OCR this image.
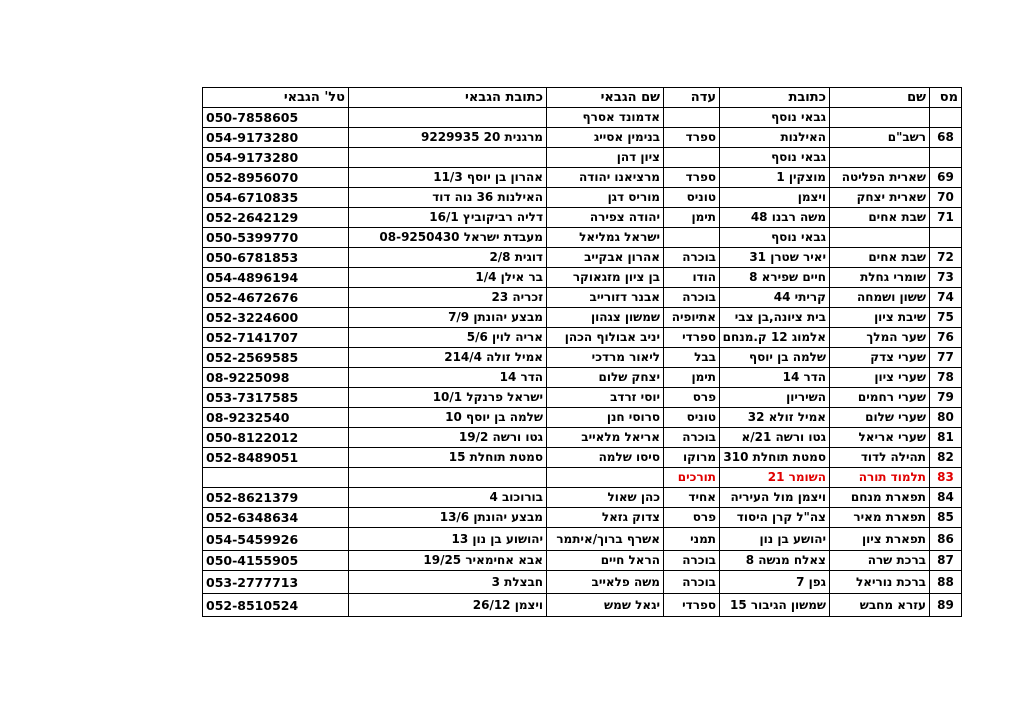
מס	שם	כתובת	עדה	שם הגבאי	כתובת הגבאי	טל' הגבאי
		גבאי נוסף		אדמונד אסרף		050-7858605
68	רשב"ם	האילנות	ספרד	בנימין אסייג	מרגנית 20 9229935	054-9173280
		גבאי נוסף		ציון דהן		054-9173280
69	שארית הפליטה	מוצקין 1	ספרד	מרציאנו יהודה	אהרון בן יוסף 11/3	052-8956070
70	שארית יצחק	ויצמן	טוניס	מוריס דגן	האילנות 36 נוה דוד	054-6710835
71	שבת אחים	משה רבנו 48	תימן	יהודה צפירה	דליה רביקוביץ 16/1	052-2642129
		גבאי נוסף		ישראל גמליאל	מעבדת ישראל 08-9250430	050-5399770
72	שבת אחים	יאיר שטרן 31	בוכרה	אהרון אבקייב	דוגית 2/8	050-6781853
73	שומרי גחלת	חיים שפירא 8	הודו	בן ציון מזגאוקר	בר אילן 1/4	054-4896194
74	ששון ושמחה	קריתי 44	בוכרה	אבנר דזורייב	זכריה 23	052-4672676
75	שיבת ציון	בית ציונה,בן צבי	אתיופיה	שמשון צגהון	מבצע יהונתן 7/9	052-3224600
76	שער המלך	אלמוג 12 ק.מנחם	ספרדי	יניב אבולוף הכהן	אריה לוין 5/6	052-7141707
77	שערי צדק	שלמה בן יוסף	בבל	ליאור מרדכי	אמיל זולה 214/4	052-2569585
78	שערי ציון	הדר 14	תימן	יצחק שלום	הדר 14	08-9225098
79	שערי רחמים	השיריון	פרס	יוסי זרדב	ישראל פרנקל 10/1	053-7317585
80	שערי שלום	אמיל זולא 32	טוניס	סרוסי חנן	שלמה בן יוסף 10	08-9232540
81	שערי אריאל	גטו ורשה 21/א	בוכרה	אריאל מלאייב	גטו ורשה 19/2	050-8122012
82	תהילה לדוד	סמטת תוחלת 310	מרוקו	סיסו שלמה	סמטת תוחלת 15	052-8489051
83	תלמוד תורה	השומר 21	תורכים			
84	תפארת מנחם	ויצמן מול העיריה	אחיד	כהן שאול	בורוכוב 4	052-8621379
85	תפארת מאיר	צה"ל קרן היסוד	פרס	צדוק גזאל	מבצע יהונתן 13/6	052-6348634
86	תפארת ציון	יהושע בן נון	תמני	אשרף ברוך/איתמר	יהושוע בן נון 13	054-5459926
87	ברכת שרה	צאלח מנשה 8	בוכרה	הראל חיים	אבא אחימאיר 19/25	050-4155905
88	ברכת נוריאל	גפן 7	בוכרה	משה פלאייב	חבצלת 3	053-2777713
89	עזרא מחבש	שמשון הגיבור 15	ספרדי	יגאל שמש	ויצמן 26/12	052-8510524
